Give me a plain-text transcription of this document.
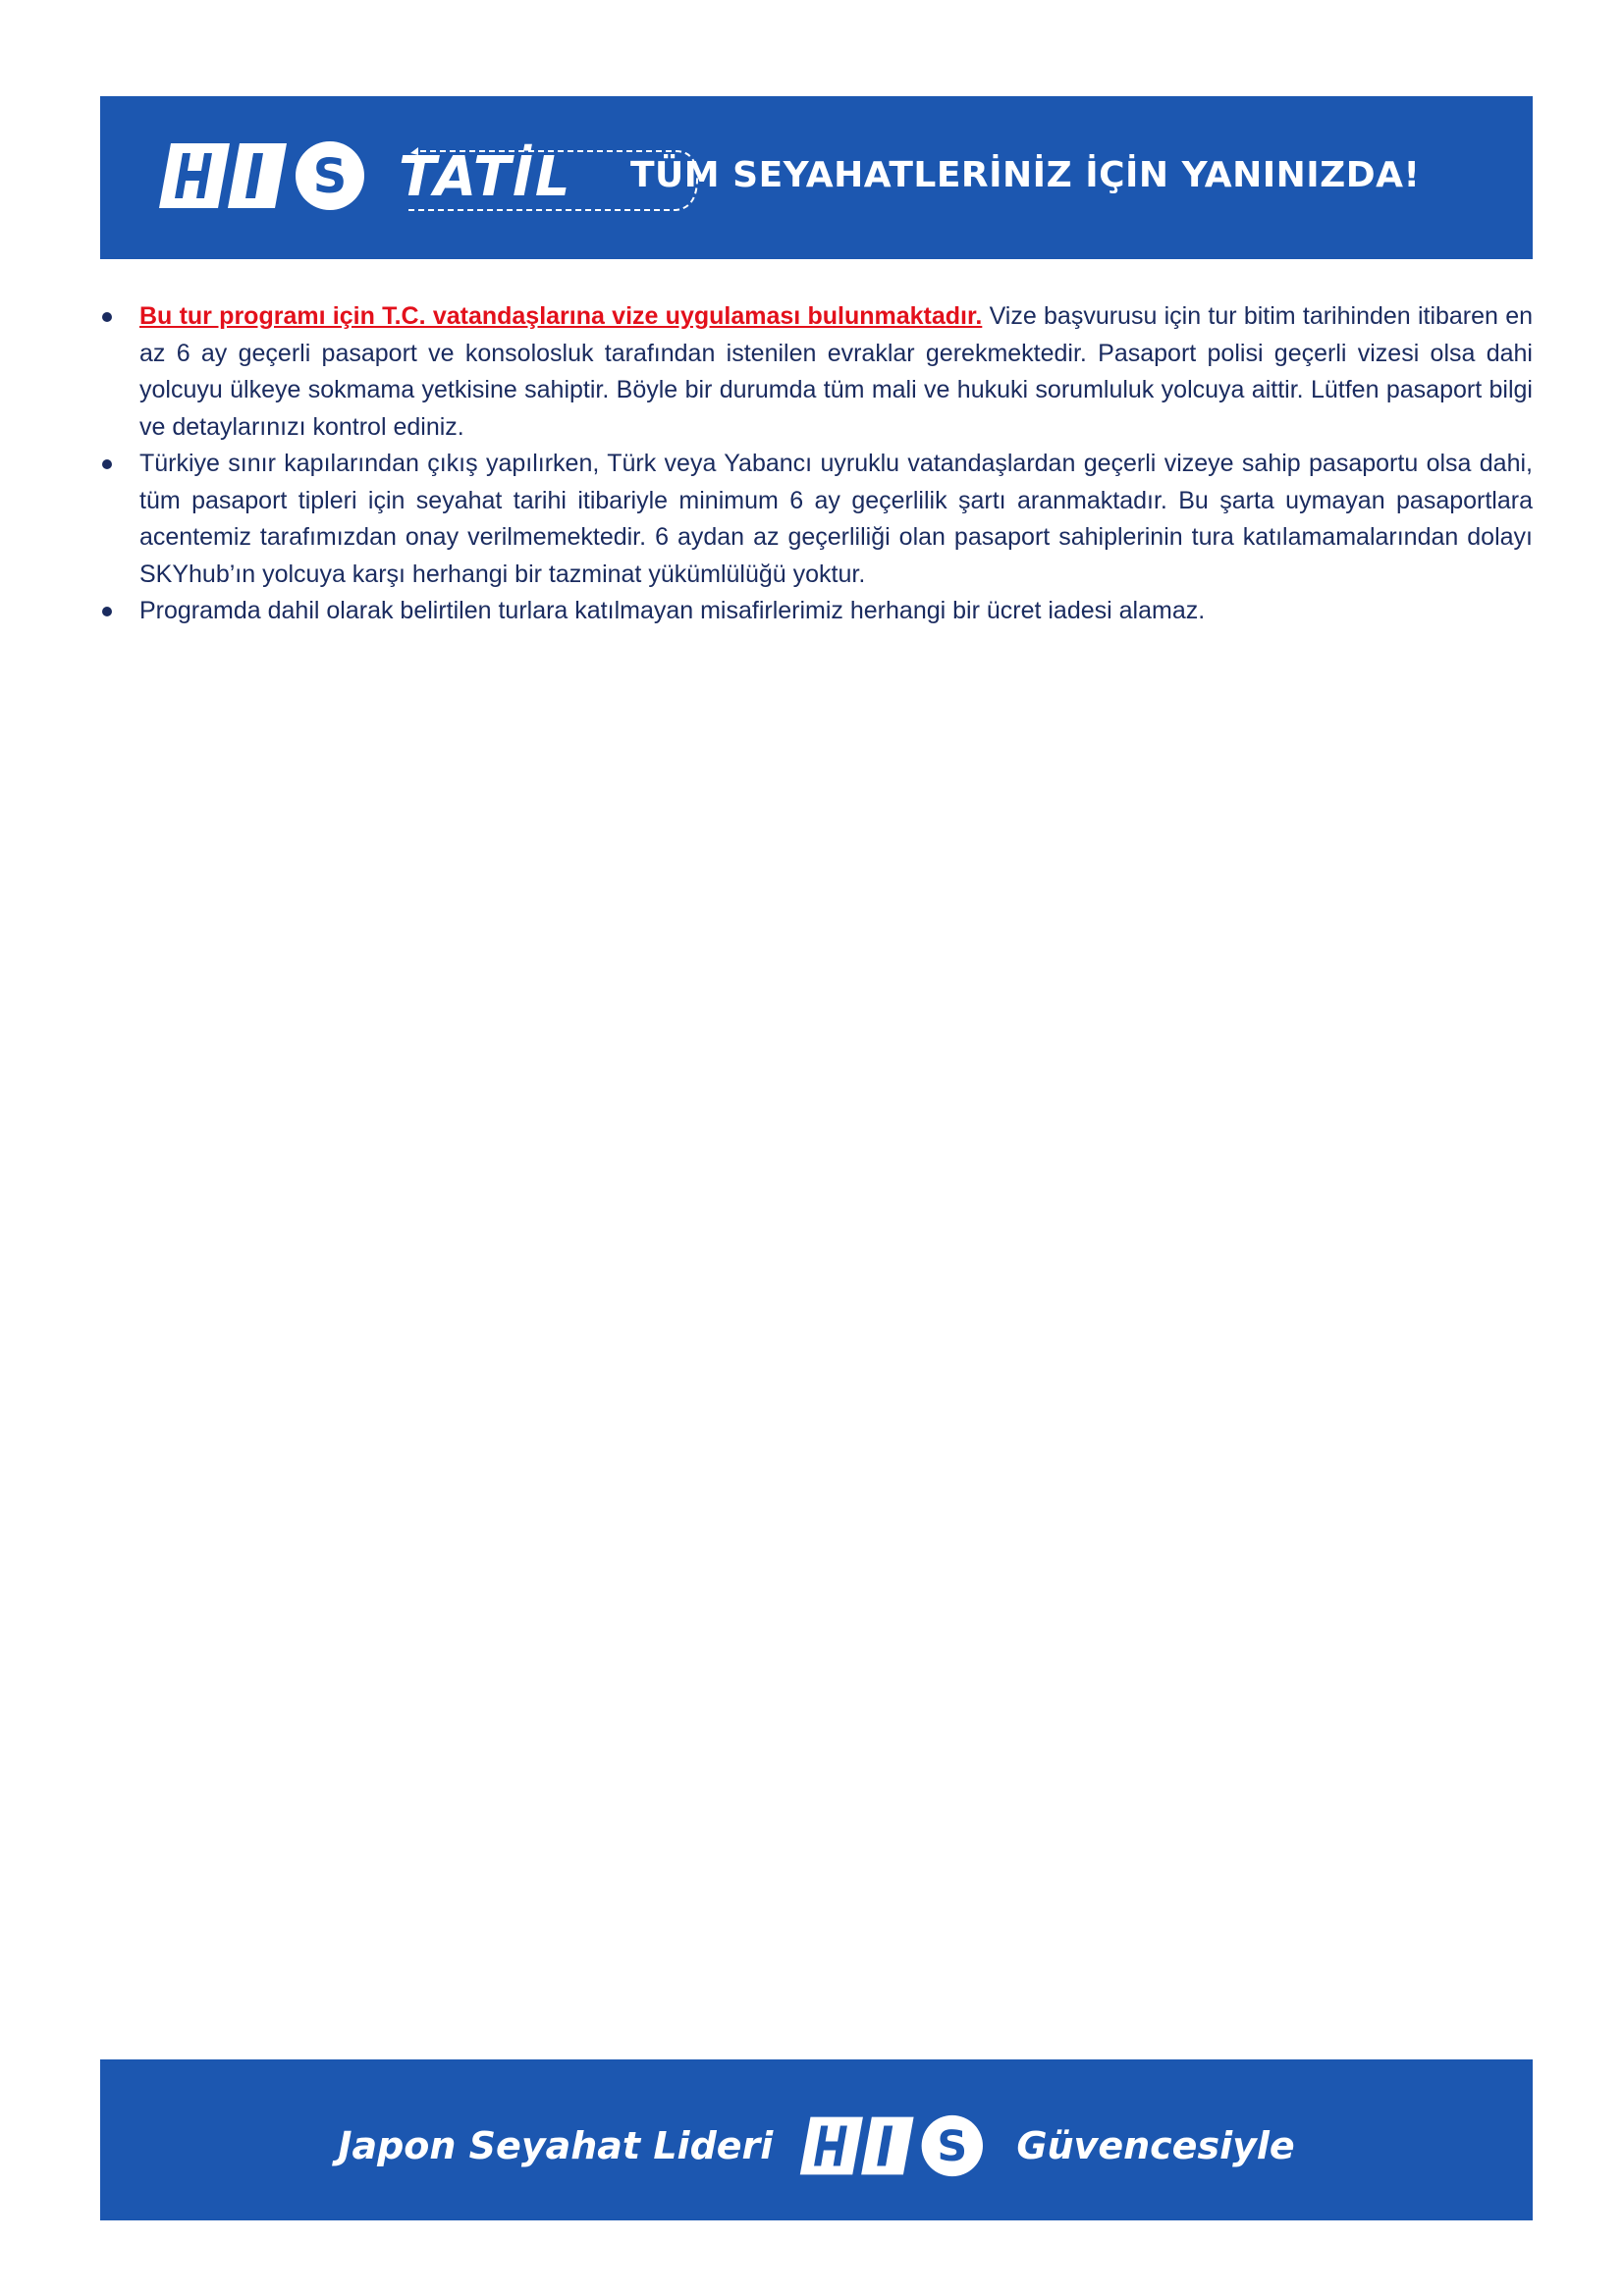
S TATİL TÜM SEYAHATLERİNİZ İÇİN YANINIZDA!
Bu tur programı için T.C. vatandaşlarına vize uygulaması bulunmaktadır. Vize başvurusu için tur bitim tarihinden itibaren en az 6 ay geçerli pasaport ve konsolosluk tarafından istenilen evraklar gerekmektedir. Pasaport polisi geçerli vizesi olsa dahi yolcuyu ülkeye sokmama yetkisine sahiptir. Böyle bir durumda tüm mali ve hukuki sorumluluk yolcuya aittir. Lütfen pasaport bilgi ve detaylarınızı kontrol ediniz.
Türkiye sınır kapılarından çıkış yapılırken, Türk veya Yabancı uyruklu vatandaşlardan geçerli vizeye sahip pasaportu olsa dahi, tüm pasaport tipleri için seyahat tarihi itibariyle minimum 6 ay geçerlilik şartı aranmaktadır. Bu şarta uymayan pasaportlara acentemiz tarafımızdan onay verilmemektedir. 6 aydan az geçerliliği olan pasaport sahiplerinin tura katılamamalarından dolayı SKYhub’ın yolcuya karşı herhangi bir tazminat yükümlülüğü yoktur.
Programda dahil olarak belirtilen turlara katılmayan misafirlerimiz herhangi bir ücret iadesi alamaz.
Japon Seyahat Lideri	S Güvencesiyle
